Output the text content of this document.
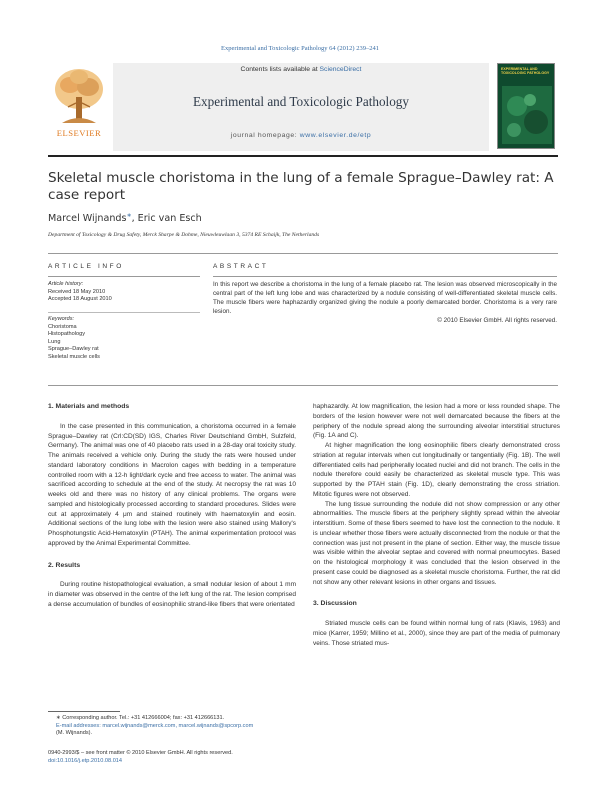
Experimental and Toxicologic Pathology 64 (2012) 239–241
Contents lists available at ScienceDirect
Experimental and Toxicologic Pathology
journal homepage: www.elsevier.de/etp
ELSEVIER
EXPERIMENTAL AND TOXICOLOGIC PATHOLOGY
Skeletal muscle choristoma in the lung of a female Sprague–Dawley rat: A case report
Marcel Wijnands∗, Eric van Esch
Department of Toxicology & Drug Safety, Merck Sharpe & Dohme, Nieuwleuwlaan 3, 5374 RE Schaijk, The Netherlands
ARTICLE INFO
Article history:
Received 18 May 2010
Accepted 18 August 2010
Keywords:
Choristoma
Histopathology
Lung
Sprague–Dawley rat
Skeletal muscle cells
ABSTRACT
In this report we describe a choristoma in the lung of a female placebo rat. The lesion was observed microscopically in the central part of the left lung lobe and was characterized by a nodule consisting of well-differentiated skeletal muscle cells. The muscle fibers were haphazardly organized giving the nodule a poorly demarcated border. Choristoma is a very rare lesion.
© 2010 Elsevier GmbH. All rights reserved.

1. Materials and methods

In the case presented in this communication, a choristoma occurred in a female Sprague–Dawley rat (Crl:CD(SD) IGS, Charles River Deutschland GmbH, Sulzfeld, Germany). The animal was one of 40 placebo rats used in a 28-day oral toxicity study. The animals received a vehicle only. During the study the rats were housed under standard laboratory conditions in Macrolon cages with bedding in a temperature controlled room with a 12-h light/dark cycle and free access to water. The animal was sacrificed according to schedule at the end of the study. At necropsy the rat was 10 weeks old and there was no history of any clinical problems. The organs were sampled and histologically processed according to standard procedures. Slides were cut at approximately 4 μm and stained routinely with haematoxylin and eosin. Additional sections of the lung lobe with the lesion were also stained using Mallory's Phosphotungstic Acid-Hematoxylin (PTAH). The animal experimentation protocol was approved by the Animal Experimental Committee.

2. Results

During routine histopathological evaluation, a small nodular lesion of about 1 mm in diameter was observed in the centre of the left lung of the rat. The lesion comprised a dense accumulation of bundles of eosinophilic strand-like fibers that were orientated

haphazardly. At low magnification, the lesion had a more or less rounded shape. The borders of the lesion however were not well demarcated because the fibers at the periphery of the nodule spread along the surrounding alveolar interstitial structures (Fig. 1A and C).

At higher magnification the long eosinophilic fibers clearly demonstrated cross striation at regular intervals when cut longitudinally or tangentially (Fig. 1B). The well differentiated cells had peripherally located nuclei and did not branch. The cells in the nodule therefore could easily be characterized as skeletal muscle type. This was supported by the PTAH stain (Fig. 1D), clearly demonstrating the cross striation. Mitotic figures were not observed.

The lung tissue surrounding the nodule did not show compression or any other abnormalities. The muscle fibers at the periphery slightly spread within the alveolar interstitium. Some of these fibers seemed to have lost the connection to the nodule. It is unclear whether those fibers were actually disconnected from the nodule or that the connection was just not present in the plane of section. Either way, the muscle tissue was visible within the alveolar septae and covered with normal pneumocytes. Based on the histological morphology it was concluded that the lesion observed in the present case could be diagnosed as a skeletal muscle choristoma. Further, the rat did not show any other relevant lesions in other organs and tissues.

3. Discussion

Striated muscle cells can be found within normal lung of rats (Klavis, 1963) and mice (Karrer, 1959; Millino et al., 2000), since they are part of the media of pulmonary veins. Those striated mus-

∗ Corresponding author. Tel.: +31 412666004; fax: +31 412666131.
E-mail addresses: marcel.wijnands@merck.com, marcel.wijnands@spcorp.com
(M. Wijnands).
0940-2993/$ – see front matter © 2010 Elsevier GmbH. All rights reserved.
doi:10.1016/j.etp.2010.08.014
